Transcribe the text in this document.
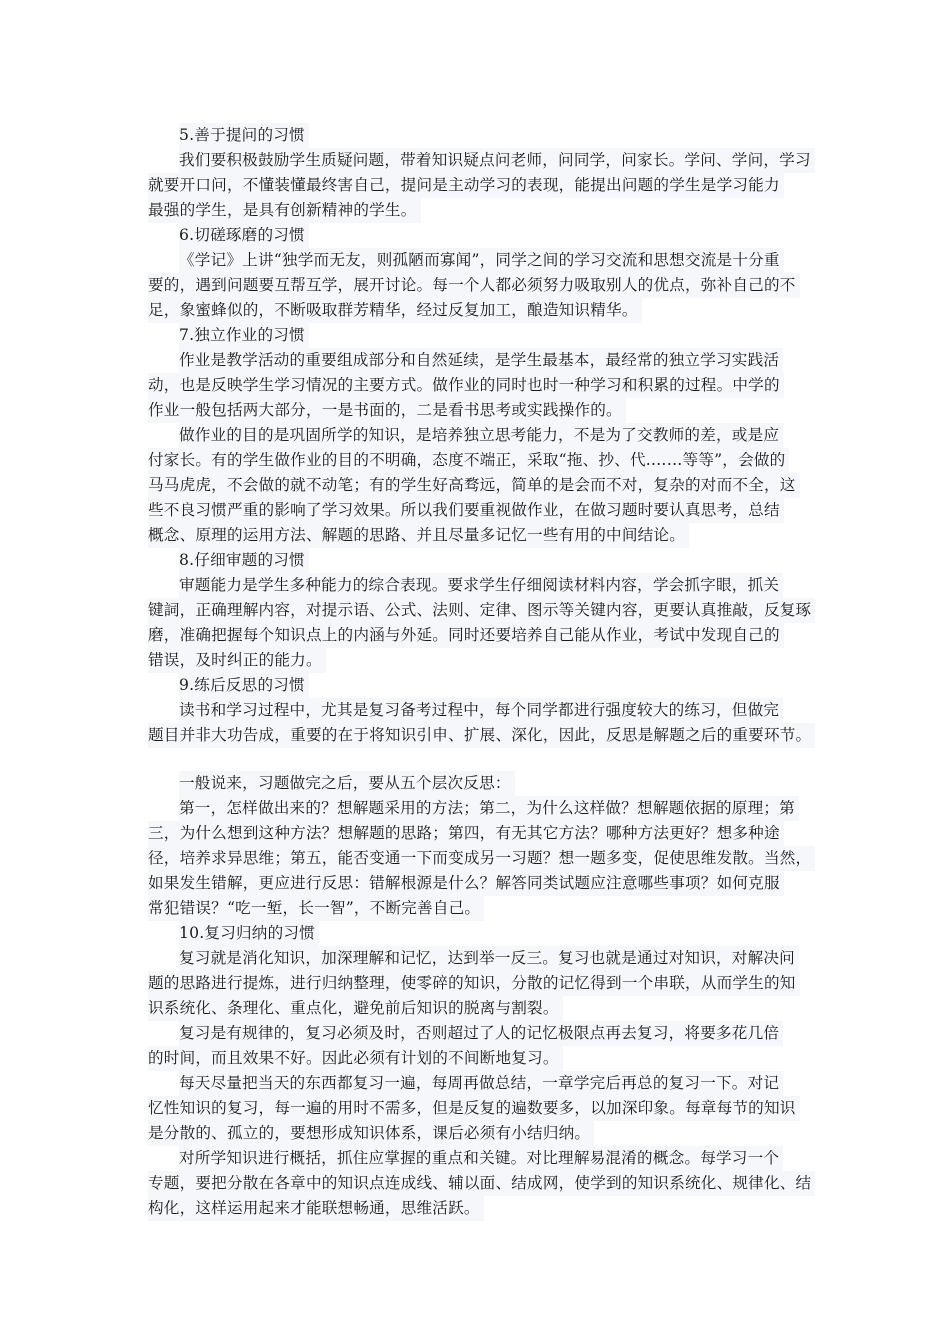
5.善于提问的习惯
我们要积极鼓励学生质疑问题，带着知识疑点问老师，问同学，问家长。学问、学问，学习
就要开口问，不懂装懂最终害自己，提问是主动学习的表现，能提出问题的学生是学习能力
最强的学生，是具有创新精神的学生。
6.切磋琢磨的习惯
《学记》上讲“独学而无友，则孤陋而寡闻”，同学之间的学习交流和思想交流是十分重
要的，遇到问题要互帮互学，展开讨论。每一个人都必须努力吸取别人的优点，弥补自己的不
足，象蜜蜂似的，不断吸取群芳精华，经过反复加工，酿造知识精华。
7.独立作业的习惯
作业是教学活动的重要组成部分和自然延续，是学生最基本，最经常的独立学习实践活
动，也是反映学生学习情况的主要方式。做作业的同时也时一种学习和积累的过程。中学的
作业一般包括两大部分，一是书面的，二是看书思考或实践操作的。
做作业的目的是巩固所学的知识，是培养独立思考能力，不是为了交教师的差，或是应
付家长。有的学生做作业的目的不明确，态度不端正，采取“拖、抄、代.……等等”，会做的
马马虎虎，不会做的就不动笔；有的学生好高骛远，简单的是会而不对，复杂的对而不全，这
些不良习惯严重的影响了学习效果。所以我们要重视做作业，在做习题时要认真思考，总结
概念、原理的运用方法、解题的思路、并且尽量多记忆一些有用的中间结论。
8.仔细审题的习惯
审题能力是学生多种能力的综合表现。要求学生仔细阅读材料内容，学会抓字眼，抓关
键詞，正确理解内容，对提示语、公式、法则、定律、图示等关键内容，更要认真推敲，反复琢
磨，准确把握每个知识点上的内涵与外延。同时还要培养自己能从作业，考试中发现自己的
错误，及时纠正的能力。
9.练后反思的习惯
读书和学习过程中，尤其是复习备考过程中，每个同学都进行强度较大的练习，但做完
题目并非大功告成，重要的在于将知识引申、扩展、深化，因此，反思是解题之后的重要环节。
一般说来，习题做完之后，要从五个层次反思：
第一，怎样做出来的？想解题采用的方法；第二，为什么这样做？想解题依据的原理；第
三，为什么想到这种方法？想解题的思路；第四，有无其它方法？哪种方法更好？想多种途
径，培养求异思维；第五，能否变通一下而变成另一习题？想一题多变，促使思维发散。当然，
如果发生错解，更应进行反思：错解根源是什么？解答同类试题应注意哪些事项？如何克服
常犯错误？“吃一堑，长一智”，不断完善自己。
10.复习归纳的习惯
复习就是消化知识，加深理解和记忆，达到举一反三。复习也就是通过对知识，对解决问
题的思路进行提炼，进行归纳整理，使零碎的知识，分散的记忆得到一个串联，从而学生的知
识系统化、条理化、重点化，避免前后知识的脱离与割裂。
复习是有规律的，复习必须及时，否则超过了人的记忆极限点再去复习，将要多花几倍
的时间，而且效果不好。因此必须有计划的不间断地复习。
每天尽量把当天的东西都复习一遍，每周再做总结，一章学完后再总的复习一下。对记
忆性知识的复习，每一遍的用时不需多，但是反复的遍数要多，以加深印象。每章每节的知识
是分散的、孤立的，要想形成知识体系，课后必须有小结归纳。
对所学知识进行概括，抓住应掌握的重点和关键。对比理解易混淆的概念。每学习一个
专题，要把分散在各章中的知识点连成线、辅以面、结成网，使学到的知识系统化、规律化、结
构化，这样运用起来才能联想畅通，思维活跃。
